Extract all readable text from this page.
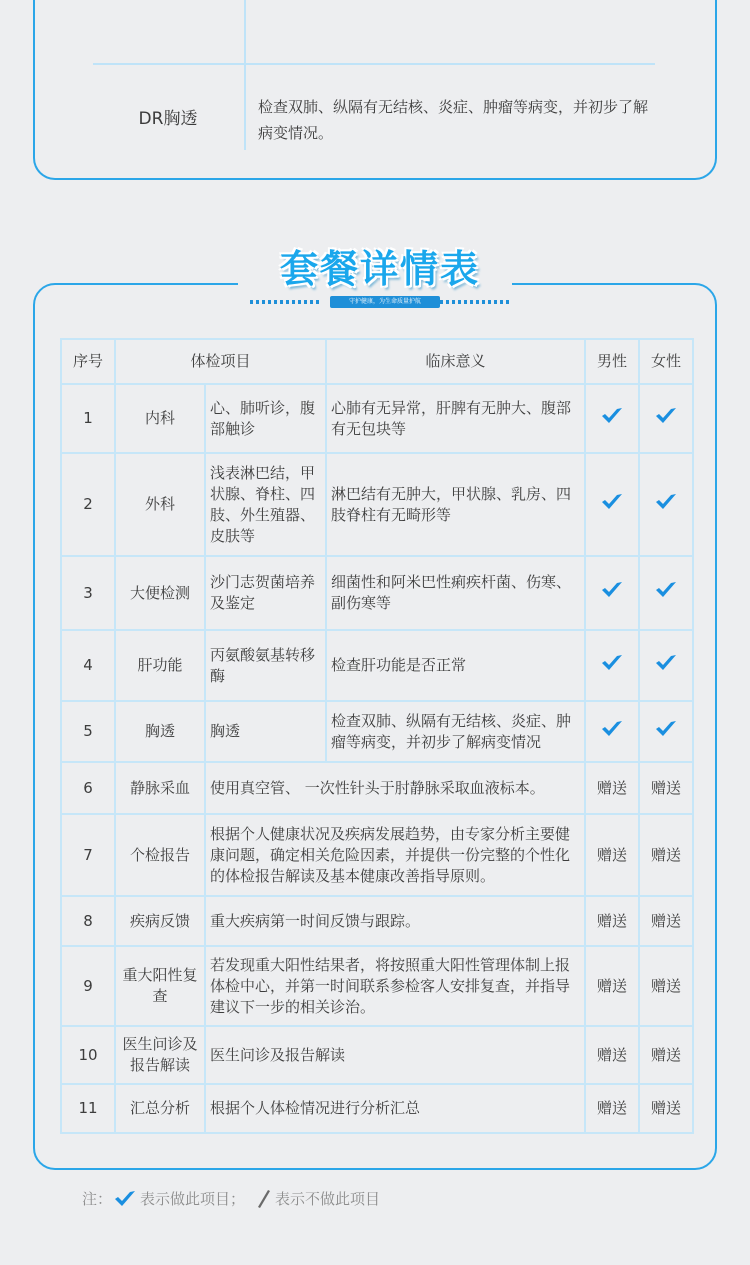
DR胸透
检查双肺、纵隔有无结核、炎症、肿瘤等病变，并初步了解病变情况。
套餐详情表
守护健康，为生命质量护航
序号	体检项目		临床意义	男性	女性
1	内科	心、肺听诊，腹部触诊	心肺有无异常，肝脾有无肿大、腹部有无包块等		
2	外科	浅表淋巴结，甲状腺、脊柱、四肢、外生殖器、皮肤等	淋巴结有无肿大，甲状腺、乳房、四肢脊柱有无畸形等		
3	大便检测	沙门志贺菌培养及鉴定	细菌性和阿米巴性痢疾杆菌、伤寒、副伤寒等		
4	肝功能	丙氨酸氨基转移酶	检查肝功能是否正常		
5	胸透	胸透	检查双肺、纵隔有无结核、炎症、肿瘤等病变，并初步了解病变情况		
6	静脉采血	使用真空管、 一次性针头于肘静脉采取血液标本。		赠送	赠送
7	个检报告	根据个人健康状况及疾病发展趋势，由专家分析主要健康问题，确定相关危险因素，并提供一份完整的个性化的体检报告解读及基本健康改善指导原则。		赠送	赠送
8	疾病反馈	重大疾病第一时间反馈与跟踪。		赠送	赠送
9	重大阳性复查	若发现重大阳性结果者，将按照重大阳性管理体制上报体检中心，并第一时间联系参检客人安排复查，并指导建议下一步的相关诊治。		赠送	赠送
10	医生问诊及报告解读	医生问诊及报告解读		赠送	赠送
11	汇总分析	根据个人体检情况进行分析汇总		赠送	赠送
注： 表示做此项目； 表示不做此项目
